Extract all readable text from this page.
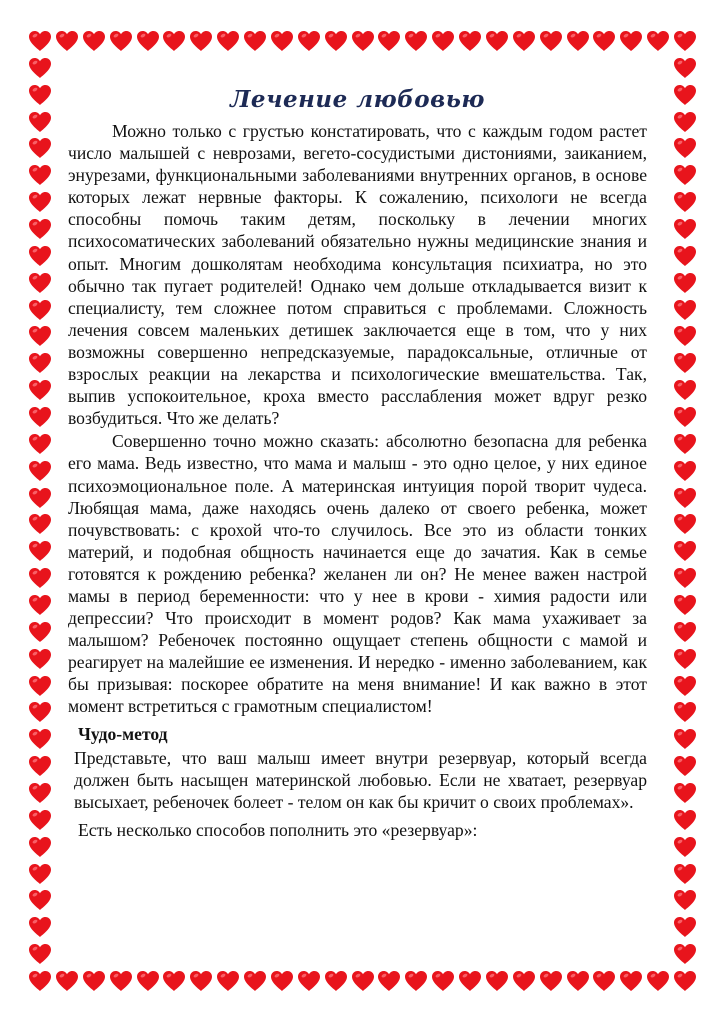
Лечение любовью

Можно только с грустью констатировать, что с каждым годом растет число малышей с неврозами, вегето-сосудистыми дистониями, заиканием, энурезами, функциональными заболеваниями внутренних органов, в основе которых лежат нервные факторы. К сожалению, психологи не всегда способны помочь таким детям, поскольку в лечении многих психосоматических заболеваний обязательно нужны медицинские знания и опыт. Многим дошколятам необходима консультация психиатра, но это обычно так пугает родителей! Однако чем дольше откладывается визит к специалисту, тем сложнее потом справиться с проблемами. Сложность лечения совсем маленьких детишек заключается еще в том, что у них возможны совершенно непредсказуемые, парадоксальные, отличные от взрослых реакции на лекарства и психологические вмешательства. Так, выпив успокоительное, кроха вместо расслабления может вдруг резко возбудиться. Что же делать?

Совершенно точно можно сказать: абсолютно безопасна для ребенка его мама. Ведь известно, что мама и малыш - это одно целое, у них единое психоэмоциональное поле. А материнская интуиция порой творит чудеса. Любящая мама, даже находясь очень далеко от своего ребенка, может почувствовать: с крохой что-то случилось. Все это из области тонких материй, и подобная общность начинается еще до зачатия. Как в семье готовятся к рождению ребенка? желанен ли он? Не менее важен настрой мамы в период беременности: что у нее в крови - химия радости или депрессии? Что происходит в момент родов? Как мама ухаживает за малышом? Ребеночек постоянно ощущает степень общности с мамой и реагирует на малейшие ее изменения. И нередко - именно заболеванием, как бы призывая: поскорее обратите на меня внимание! И как важно в этот момент встретиться с грамотным специалистом!

Чудо-метод

Представьте, что ваш малыш имеет внутри резервуар, который всегда должен быть насыщен материнской любовью. Если не хватает, резервуар высыхает, ребеночек болеет - телом он как бы кричит о своих проблемах».

Есть несколько способов пополнить это «резервуар»:
